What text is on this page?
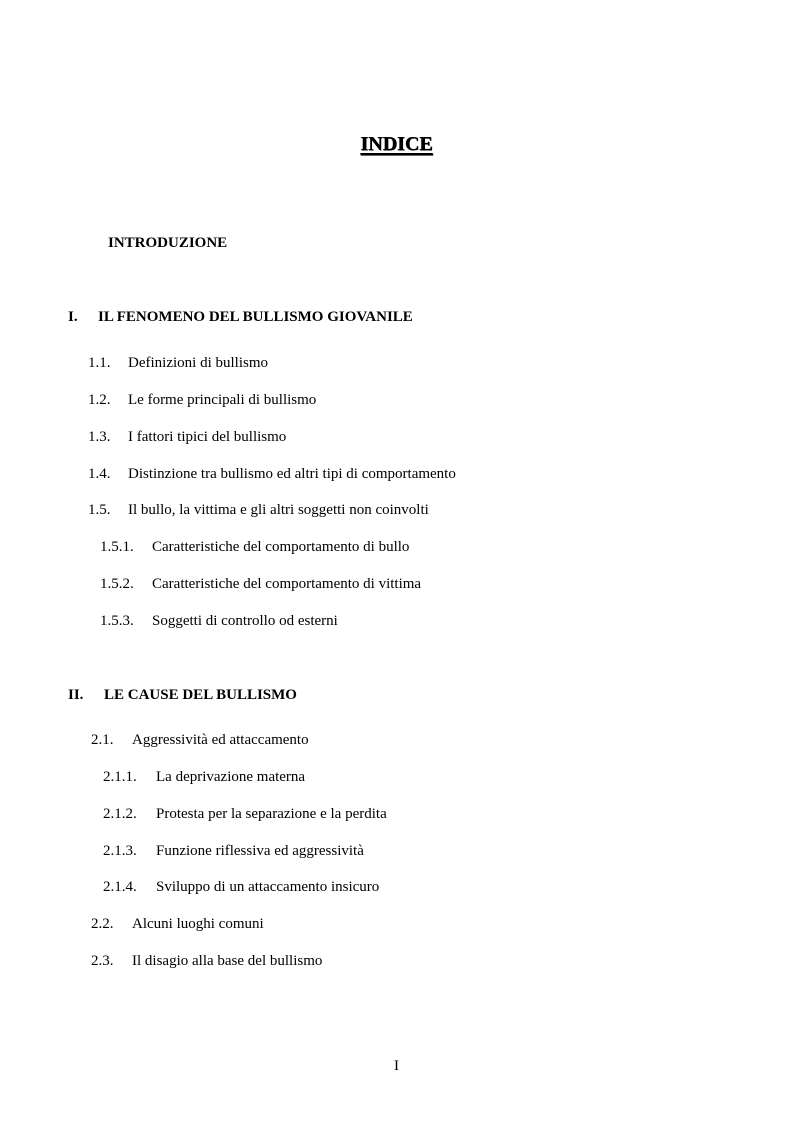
INDICE
INTRODUZIONE
I. IL FENOMENO DEL BULLISMO GIOVANILE
1.1. Definizioni di bullismo
1.2. Le forme principali di bullismo
1.3. I fattori tipici del bullismo
1.4. Distinzione tra bullismo ed altri tipi di comportamento
1.5. Il bullo, la vittima e gli altri soggetti non coinvolti
1.5.1. Caratteristiche del comportamento di bullo
1.5.2. Caratteristiche del comportamento di vittima
1.5.3. Soggetti di controllo od esterni
II. LE CAUSE DEL BULLISMO
2.1. Aggressività ed attaccamento
2.1.1. La deprivazione materna
2.1.2. Protesta per la separazione e la perdita
2.1.3. Funzione riflessiva ed aggressività
2.1.4. Sviluppo di un attaccamento insicuro
2.2. Alcuni luoghi comuni
2.3. Il disagio alla base del bullismo
I
